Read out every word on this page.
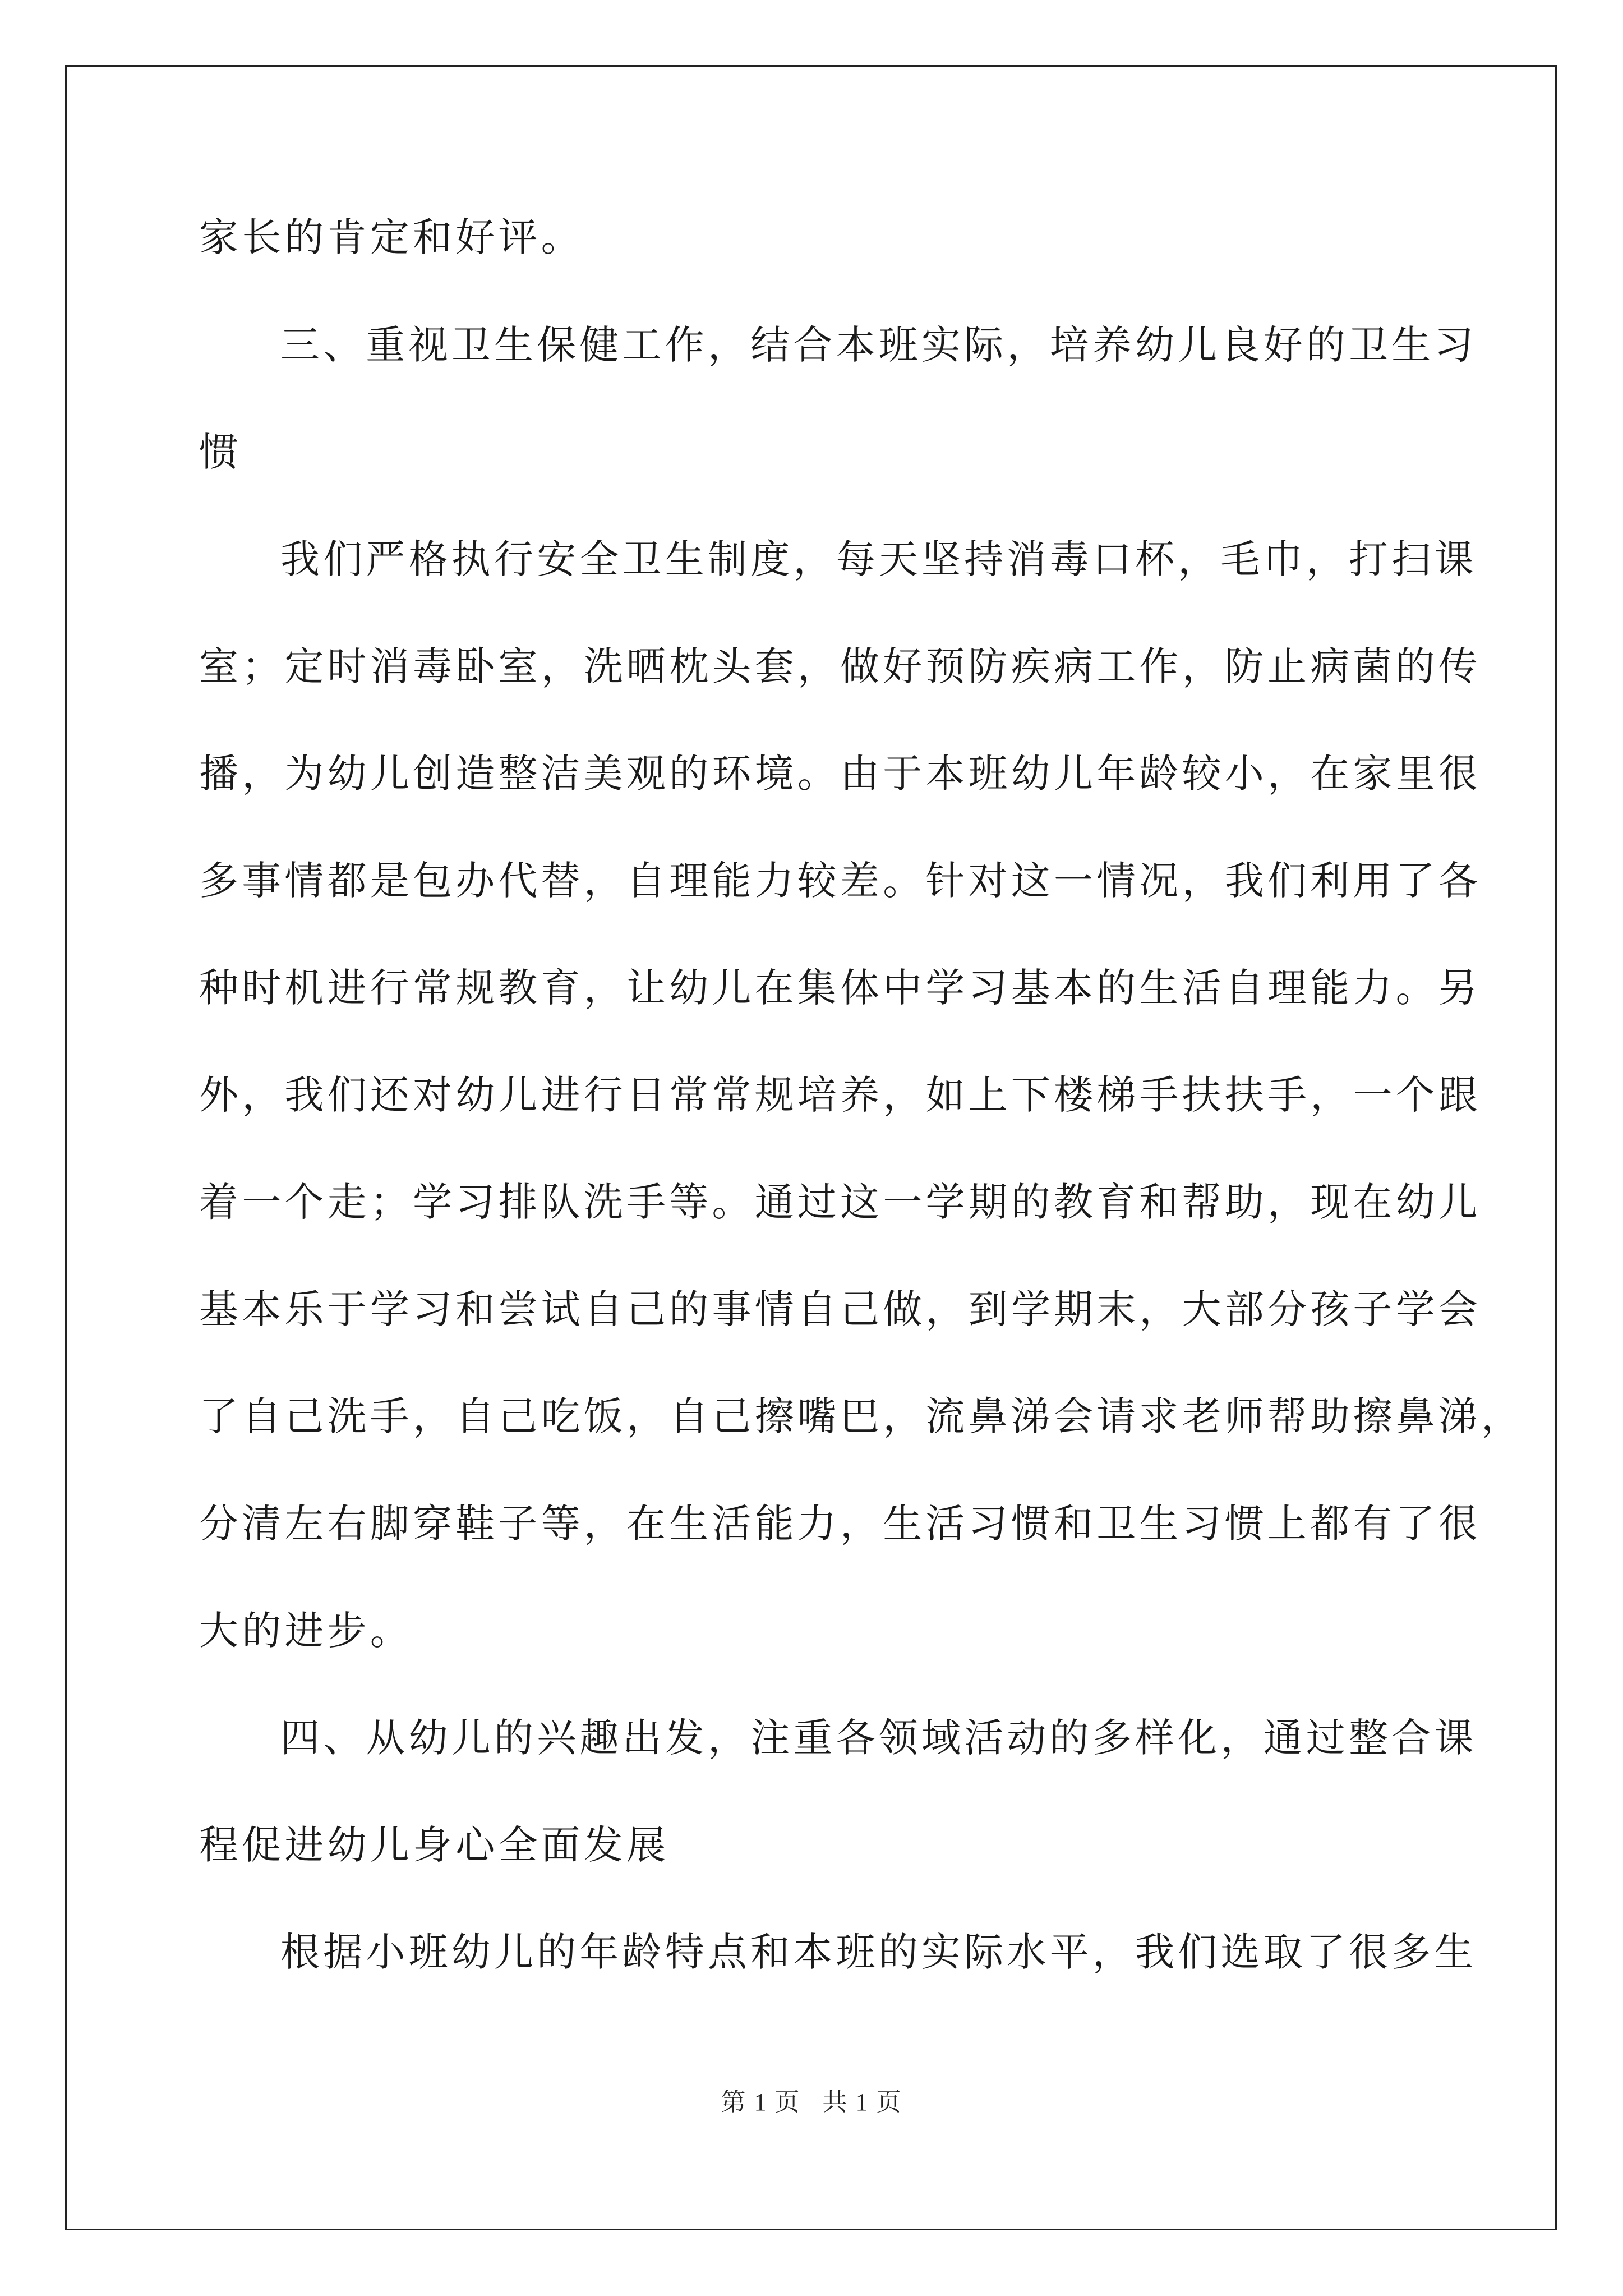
家长的肯定和好评。
三、重视卫生保健工作，结合本班实际，培养幼儿良好的卫生习
惯
我们严格执行安全卫生制度，每天坚持消毒口杯，毛巾，打扫课
室；定时消毒卧室，洗晒枕头套，做好预防疾病工作，防止病菌的传
播，为幼儿创造整洁美观的环境。由于本班幼儿年龄较小，在家里很
多事情都是包办代替，自理能力较差。针对这一情况，我们利用了各
种时机进行常规教育，让幼儿在集体中学习基本的生活自理能力。另
外，我们还对幼儿进行日常常规培养，如上下楼梯手扶扶手，一个跟
着一个走；学习排队洗手等。通过这一学期的教育和帮助，现在幼儿
基本乐于学习和尝试自己的事情自己做，到学期末，大部分孩子学会
了自己洗手，自己吃饭，自己擦嘴巴，流鼻涕会请求老师帮助擦鼻涕，
分清左右脚穿鞋子等，在生活能力，生活习惯和卫生习惯上都有了很
大的进步。
四、从幼儿的兴趣出发，注重各领域活动的多样化，通过整合课
程促进幼儿身心全面发展
根据小班幼儿的年龄特点和本班的实际水平，我们选取了很多生
第 1 页   共 1 页
